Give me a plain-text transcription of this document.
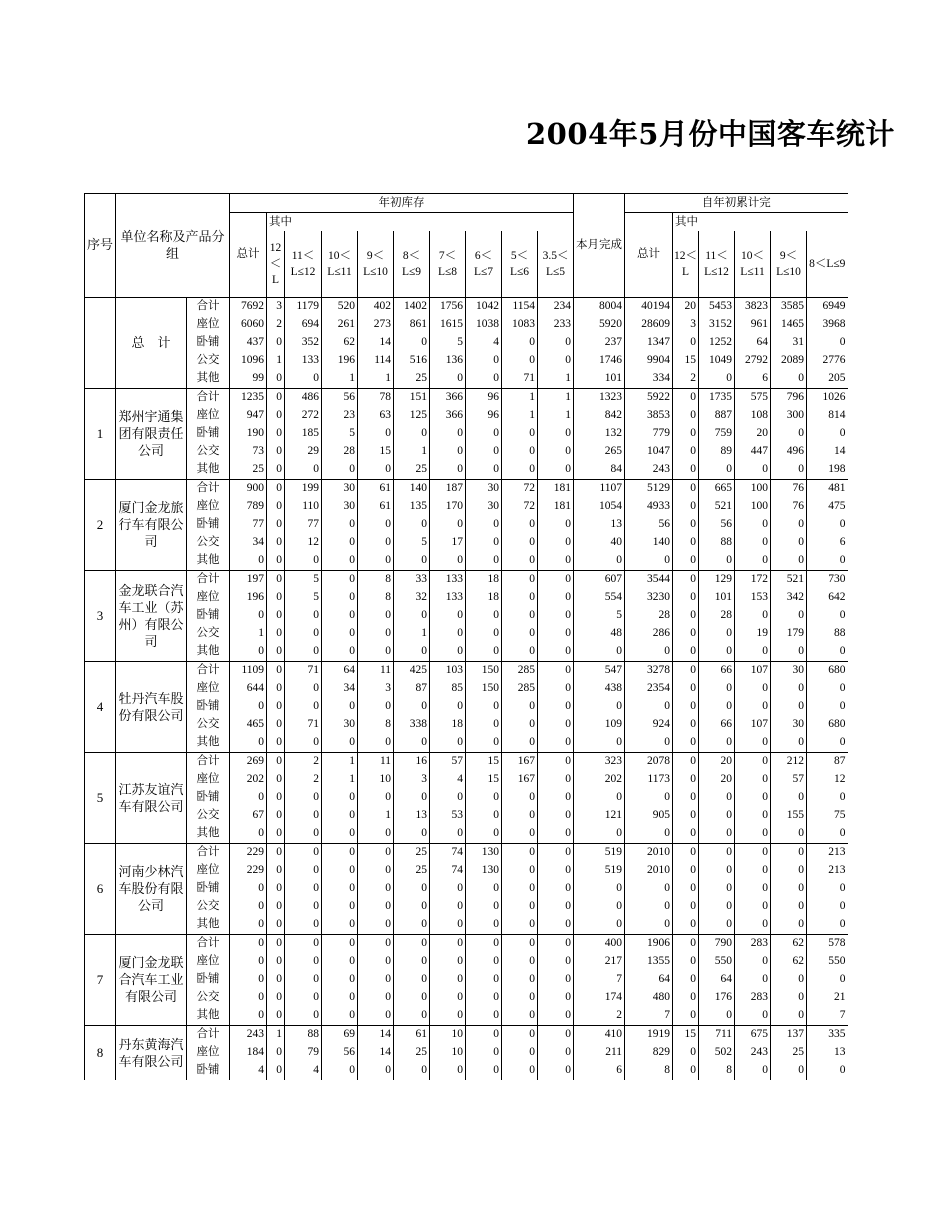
2004年5月份中国客车统计
序号	单位名称及产品分组		年初库存										本月完成	自年初累计完					
			总计	其中										总计	其中				
				12＜L	11＜L≤12	10＜L≤11	9＜L≤10	8＜L≤9	7＜L≤8	6＜L≤7	5＜L≤6	3.5＜L≤5			12＜L	11＜L≤12	10＜L≤11	9＜L≤10	8＜L≤9
	总　计	合计	7692	3	1179	520	402	1402	1756	1042	1154	234	8004	40194	20	5453	3823	3585	6949
		座位	6060	2	694	261	273	861	1615	1038	1083	233	5920	28609	3	3152	961	1465	3968
		卧铺	437	0	352	62	14	0	5	4	0	0	237	1347	0	1252	64	31	0
		公交	1096	1	133	196	114	516	136	0	0	0	1746	9904	15	1049	2792	2089	2776
		其他	99	0	0	1	1	25	0	0	71	1	101	334	2	0	6	0	205
1	郑州宇通集团有限责任公司	合计	1235	0	486	56	78	151	366	96	1	1	1323	5922	0	1735	575	796	1026
		座位	947	0	272	23	63	125	366	96	1	1	842	3853	0	887	108	300	814
		卧铺	190	0	185	5	0	0	0	0	0	0	132	779	0	759	20	0	0
		公交	73	0	29	28	15	1	0	0	0	0	265	1047	0	89	447	496	14
		其他	25	0	0	0	0	25	0	0	0	0	84	243	0	0	0	0	198
2	厦门金龙旅行车有限公司	合计	900	0	199	30	61	140	187	30	72	181	1107	5129	0	665	100	76	481
		座位	789	0	110	30	61	135	170	30	72	181	1054	4933	0	521	100	76	475
		卧铺	77	0	77	0	0	0	0	0	0	0	13	56	0	56	0	0	0
		公交	34	0	12	0	0	5	17	0	0	0	40	140	0	88	0	0	6
		其他	0	0	0	0	0	0	0	0	0	0	0	0	0	0	0	0	0
3	金龙联合汽车工业（苏州）有限公司	合计	197	0	5	0	8	33	133	18	0	0	607	3544	0	129	172	521	730
		座位	196	0	5	0	8	32	133	18	0	0	554	3230	0	101	153	342	642
		卧铺	0	0	0	0	0	0	0	0	0	0	5	28	0	28	0	0	0
		公交	1	0	0	0	0	1	0	0	0	0	48	286	0	0	19	179	88
		其他	0	0	0	0	0	0	0	0	0	0	0	0	0	0	0	0	0
4	牡丹汽车股份有限公司	合计	1109	0	71	64	11	425	103	150	285	0	547	3278	0	66	107	30	680
		座位	644	0	0	34	3	87	85	150	285	0	438	2354	0	0	0	0	0
		卧铺	0	0	0	0	0	0	0	0	0	0	0	0	0	0	0	0	0
		公交	465	0	71	30	8	338	18	0	0	0	109	924	0	66	107	30	680
		其他	0	0	0	0	0	0	0	0	0	0	0	0	0	0	0	0	0
5	江苏友谊汽车有限公司	合计	269	0	2	1	11	16	57	15	167	0	323	2078	0	20	0	212	87
		座位	202	0	2	1	10	3	4	15	167	0	202	1173	0	20	0	57	12
		卧铺	0	0	0	0	0	0	0	0	0	0	0	0	0	0	0	0	0
		公交	67	0	0	0	1	13	53	0	0	0	121	905	0	0	0	155	75
		其他	0	0	0	0	0	0	0	0	0	0	0	0	0	0	0	0	0
6	河南少林汽车股份有限公司	合计	229	0	0	0	0	25	74	130	0	0	519	2010	0	0	0	0	213
		座位	229	0	0	0	0	25	74	130	0	0	519	2010	0	0	0	0	213
		卧铺	0	0	0	0	0	0	0	0	0	0	0	0	0	0	0	0	0
		公交	0	0	0	0	0	0	0	0	0	0	0	0	0	0	0	0	0
		其他	0	0	0	0	0	0	0	0	0	0	0	0	0	0	0	0	0
7	厦门金龙联合汽车工业有限公司	合计	0	0	0	0	0	0	0	0	0	0	400	1906	0	790	283	62	578
		座位	0	0	0	0	0	0	0	0	0	0	217	1355	0	550	0	62	550
		卧铺	0	0	0	0	0	0	0	0	0	0	7	64	0	64	0	0	0
		公交	0	0	0	0	0	0	0	0	0	0	174	480	0	176	283	0	21
		其他	0	0	0	0	0	0	0	0	0	0	2	7	0	0	0	0	7
8	丹东黄海汽车有限公司	合计	243	1	88	69	14	61	10	0	0	0	410	1919	15	711	675	137	335
		座位	184	0	79	56	14	25	10	0	0	0	211	829	0	502	243	25	13
		卧铺	4	0	4	0	0	0	0	0	0	0	6	8	0	8	0	0	0
